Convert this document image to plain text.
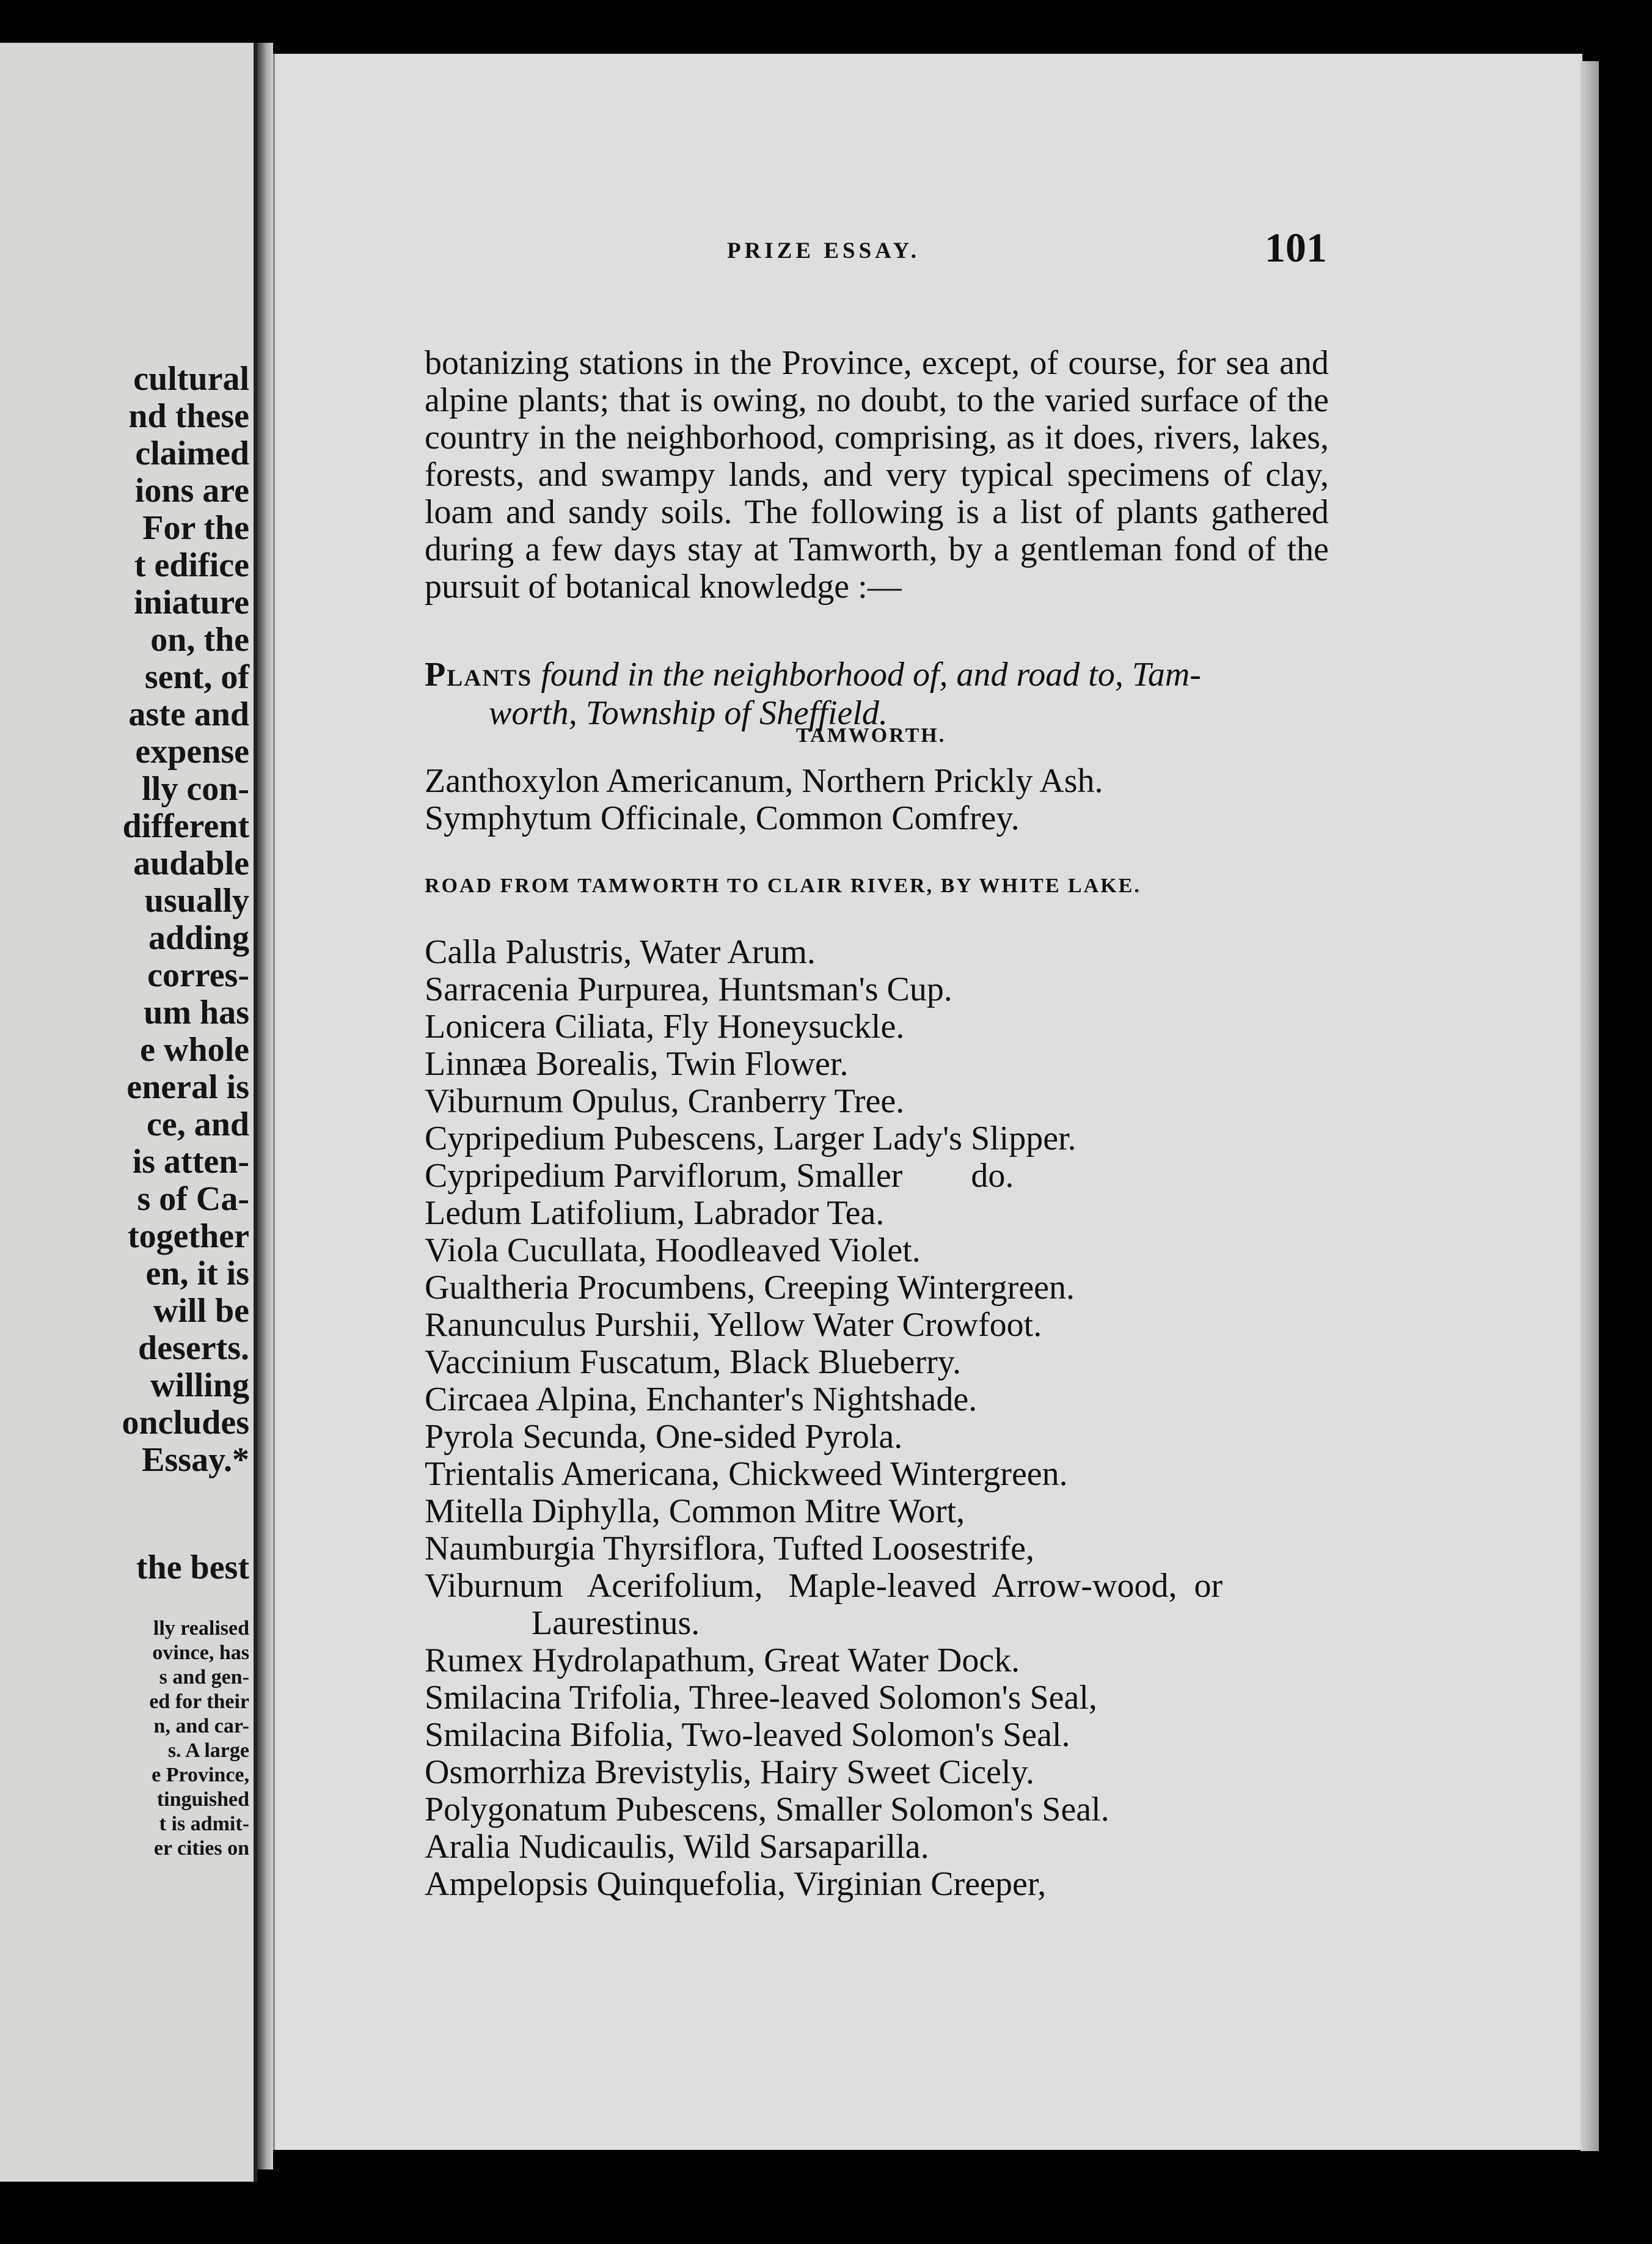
cultural
nd these
claimed
ions are
For the
t edifice
iniature
on, the
sent, of
aste and
expense
lly con-
different
audable
usually
adding
corres-
um has
e whole
eneral is
ce, and
is atten-
s of Ca-
together
en, it is
will be
deserts.
willing
oncludes
Essay.*
the best
lly realised
ovince, has
s and gen-
ed for their
n, and car-
s. A large
e Province,
tinguished
t is admit-
er cities on
PRIZE ESSAY.	101

botanizing stations in the Province, except, of course, for sea and alpine plants; that is owing, no doubt, to the varied surface of the country in the neighborhood, comprising, as it does, rivers, lakes, forests, and swampy lands, and very typical specimens of clay, loam and sandy soils. The following is a list of plants gathered during a few days stay at Tamworth, by a gentleman fond of the pursuit of botanical knowledge :—

Plants found in the neighborhood of, and road to, Tam-
worth, Township of Sheffield.
TAMWORTH.
Zanthoxylon Americanum, Northern Prickly Ash.
Symphytum Officinale, Common Comfrey.
ROAD FROM TAMWORTH TO CLAIR RIVER, BY WHITE LAKE.
Calla Palustris, Water Arum.
Sarracenia Purpurea, Huntsman's Cup.
Lonicera Ciliata, Fly Honeysuckle.
Linnæa Borealis, Twin Flower.
Viburnum Opulus, Cranberry Tree.
Cypripedium Pubescens, Larger Lady's Slipper.
Cypripedium Parviflorum, Smaller        do.
Ledum Latifolium, Labrador Tea.
Viola Cucullata, Hoodleaved Violet.
Gualtheria Procumbens, Creeping Wintergreen.
Ranunculus Purshii, Yellow Water Crowfoot.
Vaccinium Fuscatum, Black Blueberry.
Circaea Alpina, Enchanter's Nightshade.
Pyrola Secunda, One-sided Pyrola.
Trientalis Americana, Chickweed Wintergreen.
Mitella Diphylla, Common Mitre Wort,
Naumburgia Thyrsiflora, Tufted Loosestrife,
Viburnum   Acerifolium,   Maple-leaved  Arrow-wood,  or
Laurestinus.
Rumex Hydrolapathum, Great Water Dock.
Smilacina Trifolia, Three-leaved Solomon's Seal,
Smilacina Bifolia, Two-leaved Solomon's Seal.
Osmorrhiza Brevistylis, Hairy Sweet Cicely.
Polygonatum Pubescens, Smaller Solomon's Seal.
Aralia Nudicaulis, Wild Sarsaparilla.
Ampelopsis Quinquefolia, Virginian Creeper,
